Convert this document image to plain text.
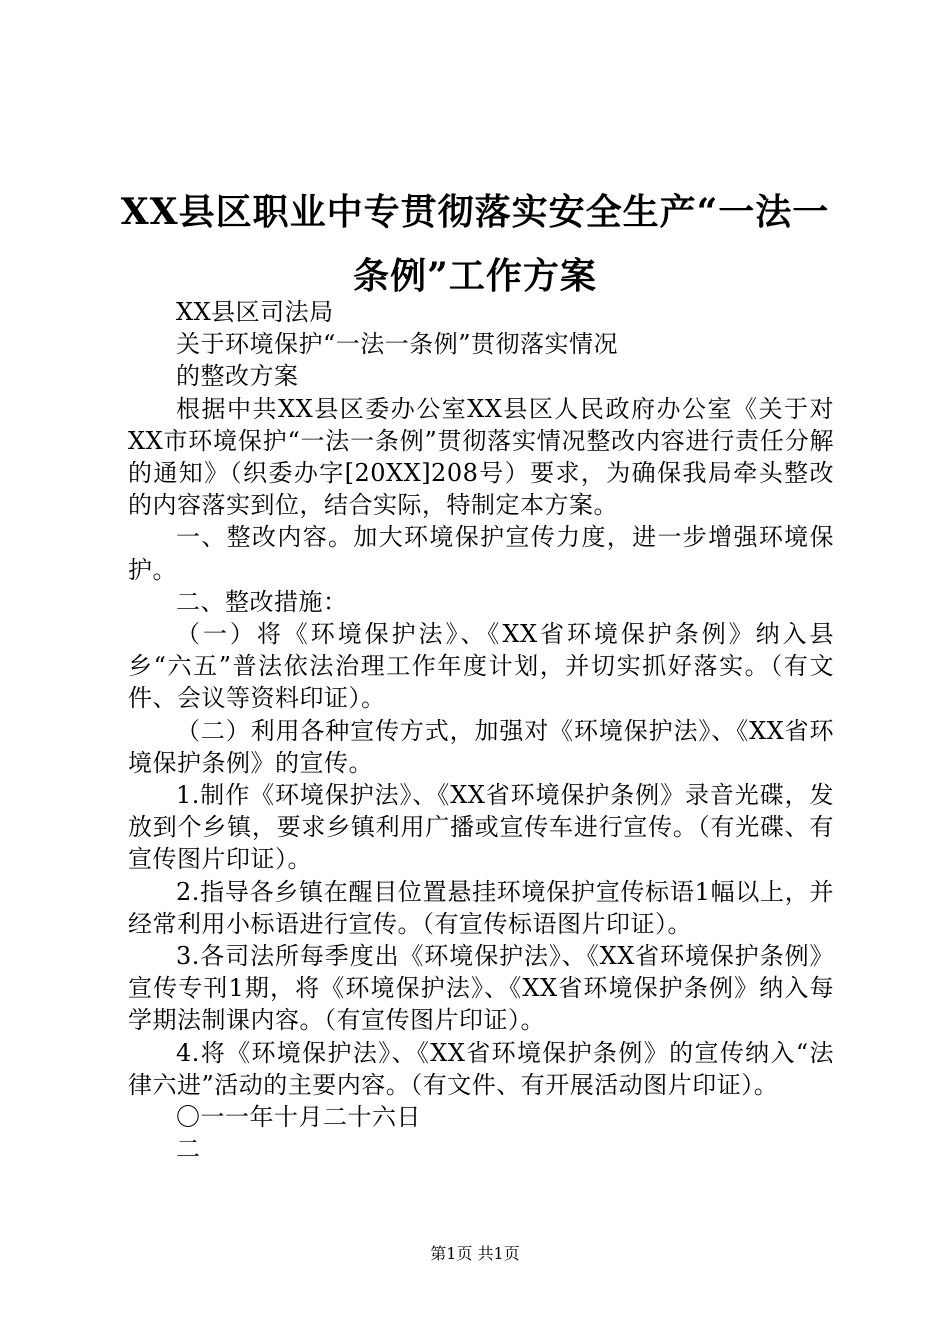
XX县区职业中专贯彻落实安全生产“一法一条例”工作方案

XX县区司法局

关于环境保护“一法一条例”贯彻落实情况

的整改方案

根据中共XX县区委办公室XX县区人民政府办公室《关于对XX市环境保护“一法一条例”贯彻落实情况整改内容进行责任分解的通知》（织委办字[20XX]208号）要求，为确保我局牵头整改的内容落实到位，结合实际，特制定本方案。

一、整改内容。加大环境保护宣传力度，进一步增强环境保护。

二、整改措施：

（一）将《环境保护法》、《XX省环境保护条例》纳入县乡“六五”普法依法治理工作年度计划，并切实抓好落实。（有文件、会议等资料印证）。

（二）利用各种宣传方式，加强对《环境保护法》、《XX省环境保护条例》的宣传。

1.制作《环境保护法》、《XX省环境保护条例》录音光碟，发放到个乡镇，要求乡镇利用广播或宣传车进行宣传。（有光碟、有宣传图片印证）。

2.指导各乡镇在醒目位置悬挂环境保护宣传标语1幅以上，并经常利用小标语进行宣传。（有宣传标语图片印证）。

3.各司法所每季度出《环境保护法》、《XX省环境保护条例》宣传专刊1期，将《环境保护法》、《XX省环境保护条例》纳入每学期法制课内容。（有宣传图片印证）。

4.将《环境保护法》、《XX省环境保护条例》的宣传纳入“法律六进”活动的主要内容。（有文件、有开展活动图片印证）。

〇一一年十月二十六日

二

第1页 共1页
